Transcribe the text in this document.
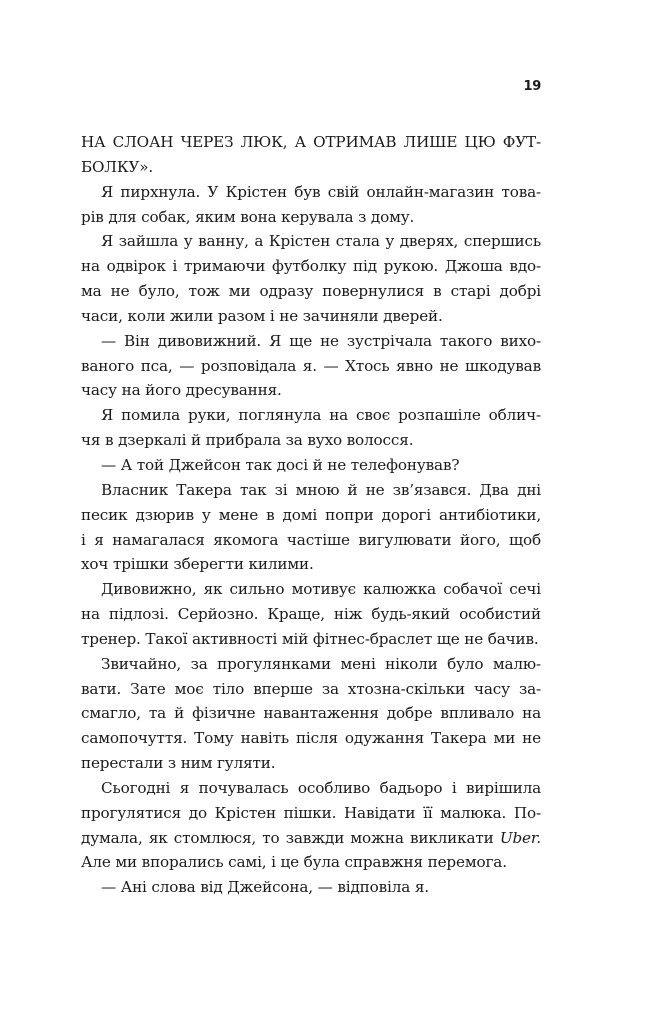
19
НА СЛОАН ЧЕРЕЗ ЛЮК, А ОТРИМАВ ЛИШЕ ЦЮ ФУТ-
БОЛКУ».
Я пирхнула. У Крістен був свій онлайн-магазин това-
рів для собак, яким вона керувала з дому.
Я зайшла у ванну, а Крістен стала у дверях, спершись
на одвірок і тримаючи футболку під рукою. Джоша вдо-
ма не було, тож ми одразу повернулися в старі добрі
часи, коли жили разом і не зачиняли дверей.
— Він дивовижний. Я ще не зустрічала такого вихо-
ваного пса, — розповідала я. — Хтось явно не шкодував
часу на його дресування.
Я помила руки, поглянула на своє розпашіле облич-
чя в дзеркалі й прибрала за вухо волосся.
— А той Джейсон так досі й не телефонував?
Власник Такера так зі мною й не зв’язався. Два дні
песик дзюрив у мене в домі попри дорогі антибіотики,
і я намагалася якомога частіше вигулювати його, щоб
хоч трішки зберегти килими.
Дивовижно, як сильно мотивує калюжка собачої сечі
на підлозі. Серйозно. Краще, ніж будь-який особистий
тренер. Такої активності мій фітнес-браслет ще не бачив.
Звичайно, за прогулянками мені ніколи було малю-
вати. Зате моє тіло вперше за хтозна-скільки часу за-
смагло, та й фізичне навантаження добре впливало на
самопочуття. Тому навіть після одужання Такера ми не
перестали з ним гуляти.
Сьогодні я почувалась особливо бадьоро і вирішила
прогулятися до Крістен пішки. Навідати її малюка. По-
думала, як стомлюся, то завжди можна викликати Uber.
Але ми впорались самі, і це була справжня перемога.
— Ані слова від Джейсона, — відповіла я.
